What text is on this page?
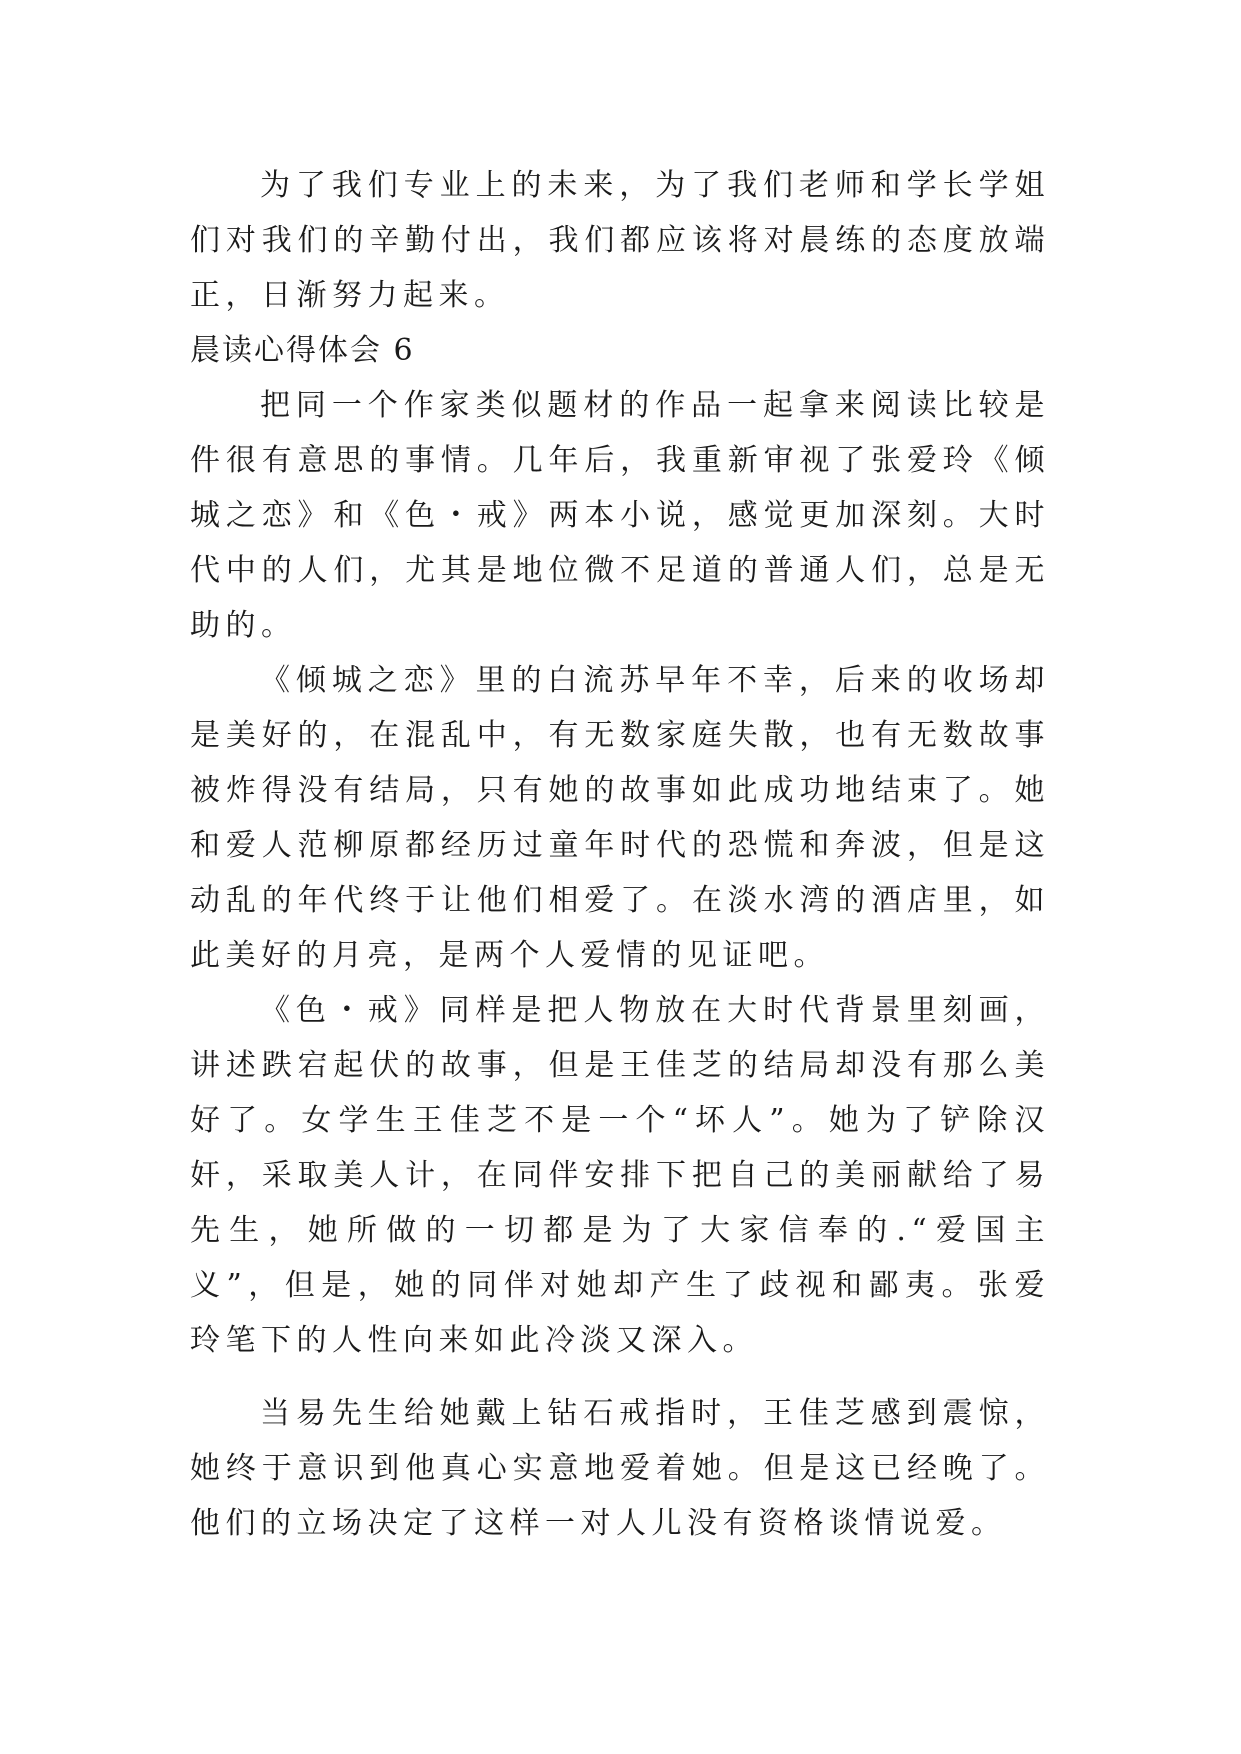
为了我们专业上的未来，为了我们老师和学长学姐们对我们的辛勤付出，我们都应该将对晨练的态度放端正，日渐努力起来。

晨读心得体会 6

把同一个作家类似题材的作品一起拿来阅读比较是件很有意思的事情。几年后，我重新审视了张爱玲《倾城之恋》和《色・戒》两本小说，感觉更加深刻。大时代中的人们，尤其是地位微不足道的普通人们，总是无助的。

《倾城之恋》里的白流苏早年不幸，后来的收场却是美好的，在混乱中，有无数家庭失散，也有无数故事被炸得没有结局，只有她的故事如此成功地结束了。她和爱人范柳原都经历过童年时代的恐慌和奔波，但是这动乱的年代终于让他们相爱了。在淡水湾的酒店里，如此美好的月亮，是两个人爱情的见证吧。

《色・戒》同样是把人物放在大时代背景里刻画，讲述跌宕起伏的故事，但是王佳芝的结局却没有那么美好了。女学生王佳芝不是一个“坏人”。她为了铲除汉奸，采取美人计，在同伴安排下把自己的美丽献给了易先生，她所做的一切都是为了大家信奉的.“爱国主义”，但是，她的同伴对她却产生了歧视和鄙夷。张爱玲笔下的人性向来如此冷淡又深入。

当易先生给她戴上钻石戒指时，王佳芝感到震惊，她终于意识到他真心实意地爱着她。但是这已经晚了。他们的立场决定了这样一对人儿没有资格谈情说爱。
